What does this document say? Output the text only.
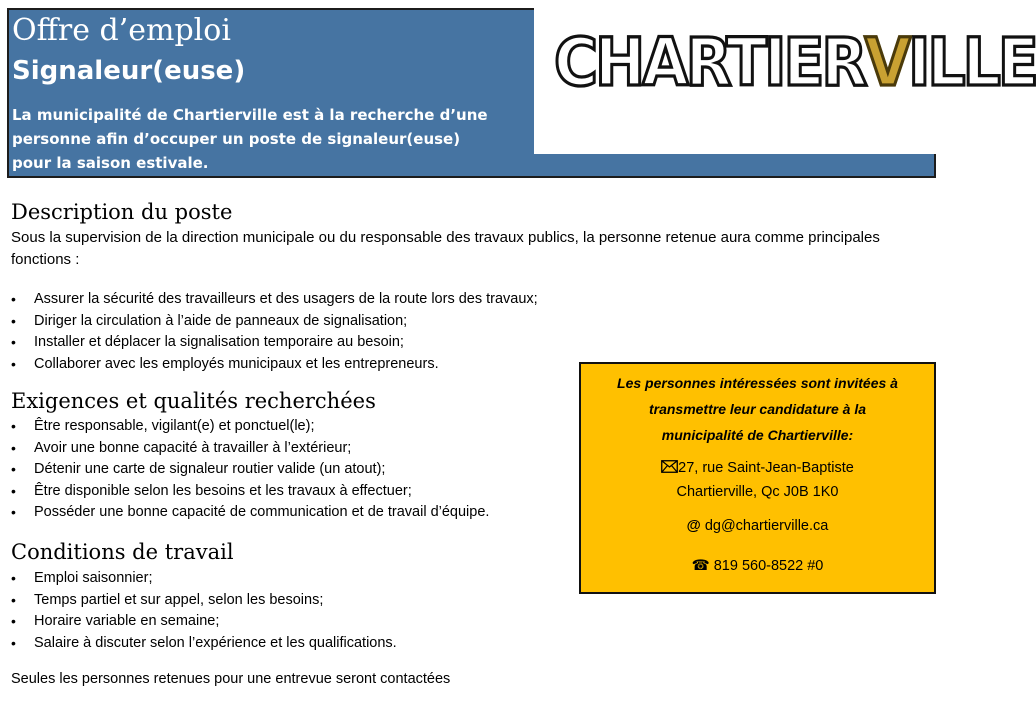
Offre d’emploi
Signaleur(euse)
La municipalité de Chartierville est à la recherche d’une
personne afin d’occuper un poste de signaleur(euse)
pour la saison estivale.
CHARTIERVILLE
Description du poste
Sous la supervision de la direction municipale ou du responsable des travaux publics, la personne retenue aura comme principales fonctions :
• Assurer la sécurité des travailleurs et des usagers de la route lors des travaux;
• Diriger la circulation à l’aide de panneaux de signalisation;
• Installer et déplacer la signalisation temporaire au besoin;
• Collaborer avec les employés municipaux et les entrepreneurs.
Exigences et qualités recherchées
• Être responsable, vigilant(e) et ponctuel(le);
• Avoir une bonne capacité à travailler à l’extérieur;
• Détenir une carte de signaleur routier valide (un atout);
• Être disponible selon les besoins et les travaux à effectuer;
• Posséder une bonne capacité de communication et de travail d’équipe.
Conditions de travail
• Emploi saisonnier;
• Temps partiel et sur appel, selon les besoins;
• Horaire variable en semaine;
• Salaire à discuter selon l’expérience et les qualifications.
Les personnes intéressées sont invitées à
transmettre leur candidature à la
municipalité de Chartierville:
27, rue Saint-Jean-Baptiste
Chartierville, Qc J0B 1K0
@ dg@chartierville.ca
☎ 819 560-8522 #0
Seules les personnes retenues pour une entrevue seront contactées
